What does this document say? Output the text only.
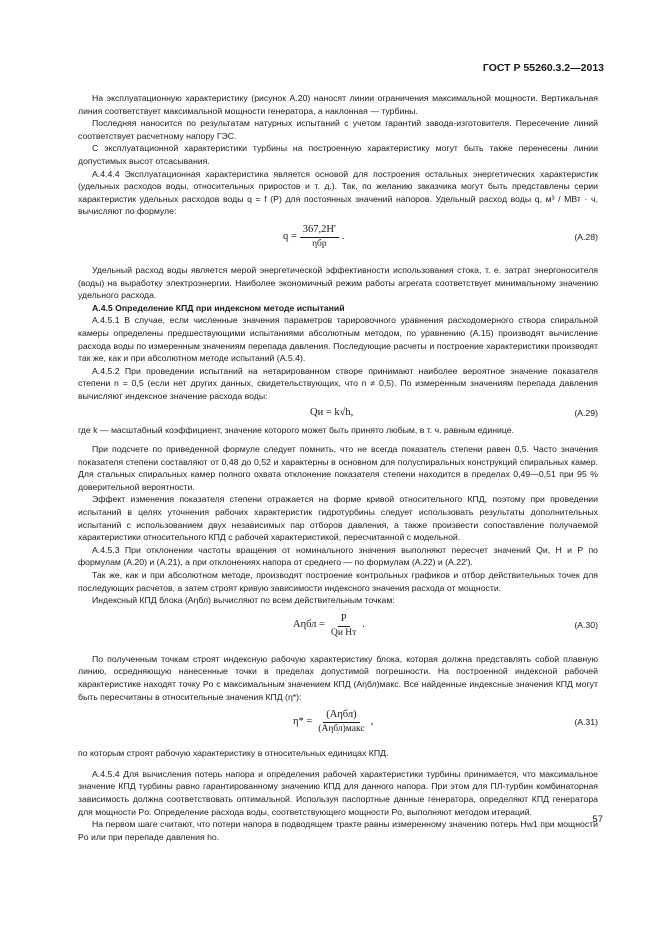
ГОСТ Р 55260.3.2—2013

На эксплуатационную характеристику (рисунок А.20) наносят линии ограничения максимальной мощности. Вертикальная линия соответствует максимальной мощности генератора, а наклонная — турбины.

Последняя наносится по результатам натурных испытаний с учетом гарантий завода-изготовителя. Пересечение линий соответствует расчетному напору ГЭС.

С эксплуатационной характеристики турбины на построенную характеристику могут быть также перенесены линии допустимых высот отсасывания.

А.4.4.4 Эксплуатационная характеристика является основой для построения остальных энергетических характеристик (удельных расходов воды, относительных приростов и т. д.). Так, по желанию заказчика могут быть представлены серии характеристик удельных расходов воды q = f (P) для постоянных значений напоров. Удельный расход воды q, м³ / МВт · ч, вычисляют по формуле:

$q = \frac{367,2H'}{\text{ηбр}}$ .	(А.28)

Удельный расход воды является мерой энергетической эффективности использования стока, т. е. затрат энергоносителя (воды) на выработку электроэнергии. Наиболее экономичный режим работы агрегата соответствует минимальному значению удельного расхода.

А.4.5 Определение КПД при индексном методе испытаний

А.4.5.1 В случае, если численные значения параметров тарировочного уравнения расходомерного створа спиральной камеры определены предшествующими испытаниями абсолютным методом, по уравнению (А.15) производят вычисление расхода воды по измеренным значениям перепада давления. Последующие расчеты и построение характеристики производят так же, как и при абсолютном методе испытаний (А.5.4).

А.4.5.2 При проведении испытаний на нетарированном створе принимают наиболее вероятное значение показателя степени n = 0,5 (если нет других данных, свидетельствующих, что n ≠ 0,5). По измеренным значениям перепада давления вычисляют индексное значение расхода воды:

Qи = k√h,	(А.29)

где k — масштабный коэффициент, значение которого может быть принято любым, в т. ч. равным единице.

При подсчете по приведенной формуле следует помнить, что не всегда показатель степени равен 0,5. Часто значения показателя степени составляют от 0,48 до 0,52 и характерны в основном для полуспиральных конструкций спиральных камер. Для стальных спиральных камер полного охвата отклонение показателя степени находится в пределах 0,49—0,51 при 95 % доверительной вероятности.

Эффект изменения показателя степени отражается на форме кривой относительного КПД, поэтому при проведении испытаний в целях уточнения рабочих характеристик гидротурбины следует использовать результаты дополнительных испытаний с использованием двух независимых пар отборов давления, а также произвести сопоставление получаемой характеристики относительного КПД с рабочей характеристикой, пересчитанной с модельной.

А.4.5.3 При отклонении частоты вращения от номинального значения выполняют пересчет значений Qи, H и P по формулам (А.20) и (А.21), а при отклонениях напора от среднего — по формулам (А.22) и (А.22').

Так же, как и при абсолютном методе, производят построение контрольных графиков и отбор действительных точек для последующих расчетов, а затем строят кривую зависимости индексного значения расхода от мощности.

Индексный КПД блока (Aηбл) вычисляют по всем действительным точкам:

$A\eta бл = \frac{P}{\text{Qи Hт}}$ .	(А.30)

По полученным точкам строят индексную рабочую характеристику блока, которая должна представлять собой плавную линию, осредняющую нанесенные точки в пределах допустимой погрешности. На построенной индексной рабочей характеристике находят точку Pо с максимальным значением КПД (Aηбл)макс. Все найденные индексные значения КПД могут быть пересчитаны в относительные значения КПД (η*):

$\eta* = \frac{\text{(Aηбл)}}{\text{(Aηбл)макс}}$ ,	(А.31)

по которым строят рабочую характеристику в относительных единицах КПД.

А.4.5.4 Для вычисления потерь напора и определения рабочей характеристики турбины принимается, что максимальное значение КПД турбины равно гарантированному значению КПД для данного напора. При этом для ПЛ-турбин комбинаторная зависимость должна соответствовать оптимальной. Используя паспортные данные генератора, определяют КПД генератора для мощности Pо. Определение расхода воды, соответствующего мощности Pо, выполняют методом итераций.

На первом шаге считают, что потери напора в подводящем тракте равны измеренному значению потерь Hw1 при мощности Pо или при перепаде давления hо.

57
